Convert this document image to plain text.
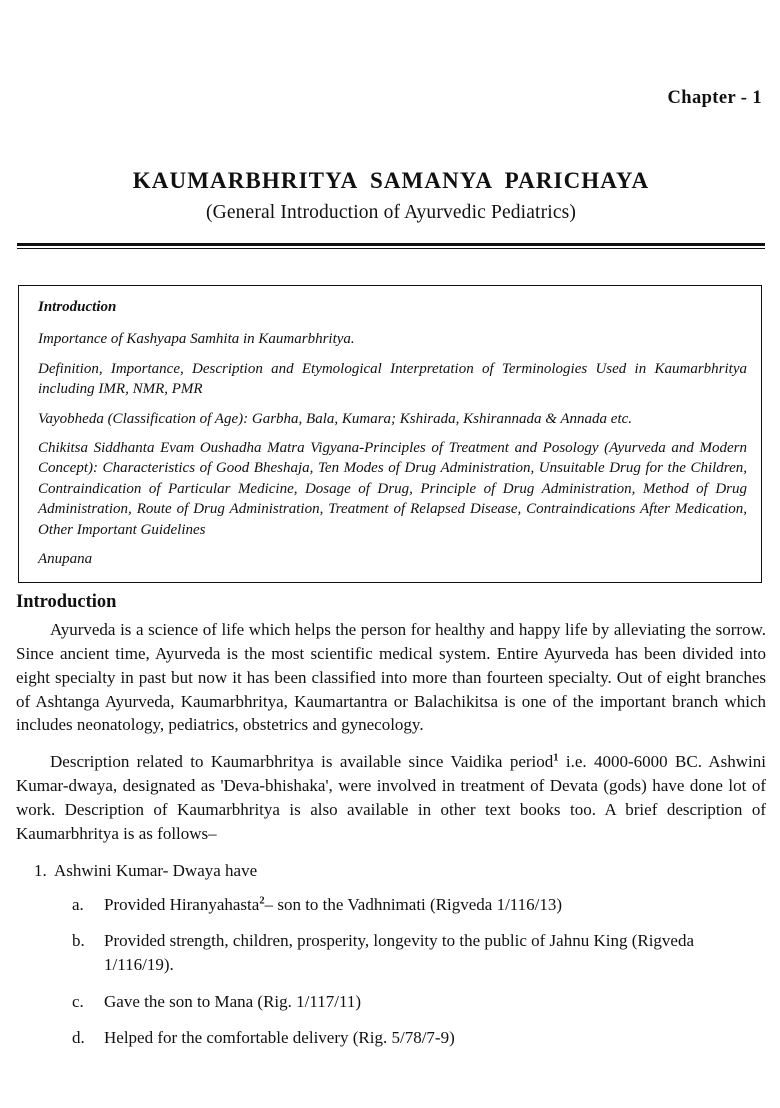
Chapter - 1
KAUMARBHRITYA SAMANYA PARICHAYA
(General Introduction of Ayurvedic Pediatrics)

Introduction

Importance of Kashyapa Samhita in Kaumarbhritya.

Definition, Importance, Description and Etymological Interpretation of Terminologies Used in Kaumarbhritya including IMR, NMR, PMR

Vayobheda (Classification of Age): Garbha, Bala, Kumara; Kshirada, Kshirannada & Annada etc.

Chikitsa Siddhanta Evam Oushadha Matra Vigyana-Principles of Treatment and Posology (Ayurveda and Modern Concept): Characteristics of Good Bheshaja, Ten Modes of Drug Administration, Unsuitable Drug for the Children, Contraindication of Particular Medicine, Dosage of Drug, Principle of Drug Administration, Method of Drug Administration, Route of Drug Administration, Treatment of Relapsed Disease, Contraindications After Medication, Other Important Guidelines

Anupana

Introduction

Ayurveda is a science of life which helps the person for healthy and happy life by alleviating the sorrow. Since ancient time, Ayurveda is the most scientific medical system. Entire Ayurveda has been divided into eight specialty in past but now it has been classified into more than fourteen specialty. Out of eight branches of Ashtanga Ayurveda, Kaumarbhritya, Kaumartantra or Balachikitsa is one of the important branch which includes neonatology, pediatrics, obstetrics and gynecology.

Description related to Kaumarbhritya is available since Vaidika period$^1$ i.e. 4000-6000 BC. Ashwini Kumar-dwaya, designated as 'Deva-bhishaka', were involved in treatment of Devata (gods) have done lot of work. Description of Kaumarbhritya is also available in other text books too. A brief description of Kaumarbhritya is as follows–

1. Ashwini Kumar- Dwaya have
a. Provided Hiranyahasta$^2$– son to the Vadhnimati (Rigveda 1/116/13)
b. Provided strength, children, prosperity, longevity to the public of Jahnu King (Rigveda 1/116/19).
c. Gave the son to Mana (Rig. 1/117/11)
d. Helped for the comfortable delivery (Rig. 5/78/7-9)
